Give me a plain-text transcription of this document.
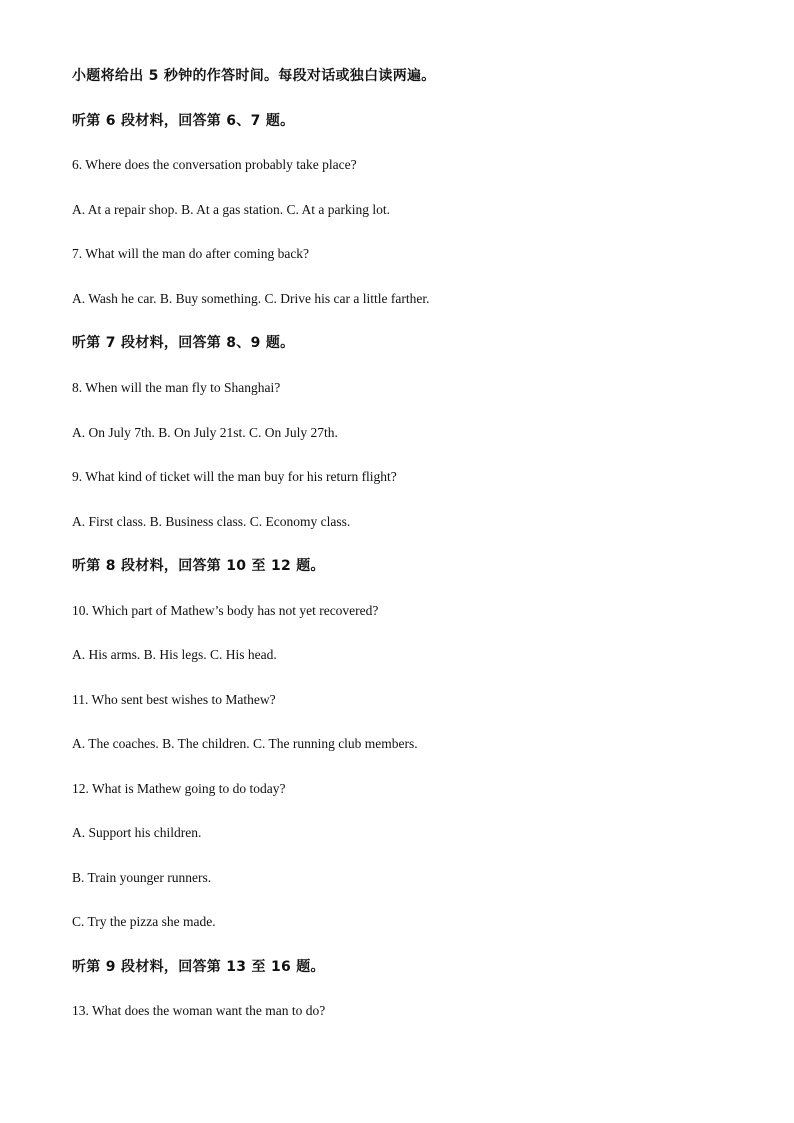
小题将给出 5 秒钟的作答时间。每段对话或独白读两遍。
听第 6 段材料，回答第 6、7 题。
6. Where does the conversation probably take place?
A. At a repair shop. B. At a gas station. C. At a parking lot.
7. What will the man do after coming back?
A. Wash he car. B. Buy something. C. Drive his car a little farther.
听第 7 段材料，回答第 8、9 题。
8. When will the man fly to Shanghai?
A. On July 7th. B. On July 21st. C. On July 27th.
9. What kind of ticket will the man buy for his return flight?
A. First class. B. Business class. C. Economy class.
听第 8 段材料，回答第 10 至 12 题。
10. Which part of Mathew’s body has not yet recovered?
A. His arms. B. His legs. C. His head.
11. Who sent best wishes to Mathew?
A. The coaches. B. The children. C. The running club members.
12. What is Mathew going to do today?
A. Support his children.
B. Train younger runners.
C. Try the pizza she made.
听第 9 段材料，回答第 13 至 16 题。
13. What does the woman want the man to do?
